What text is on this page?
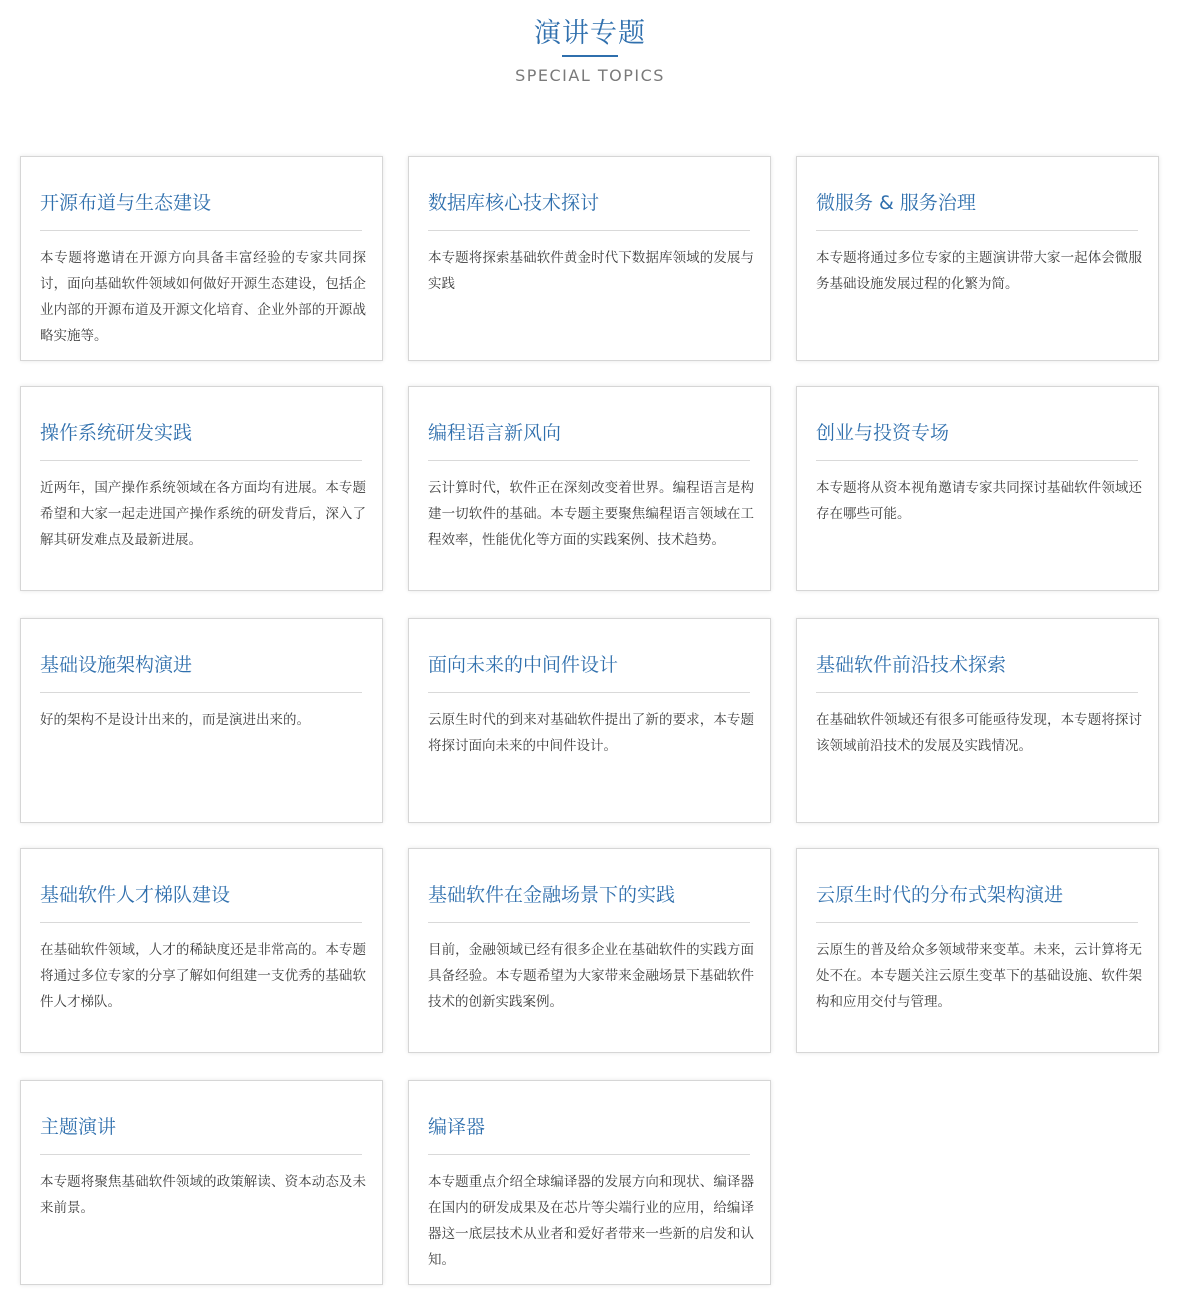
演讲专题
SPECIAL TOPICS
开源布道与生态建设
本专题将邀请在开源方向具备丰富经验的专家共同探讨，面向基础软件领域如何做好开源生态建设，包括企业内部的开源布道及开源文化培育、企业外部的开源战略实施等。
数据库核心技术探讨
本专题将探索基础软件黄金时代下数据库领域的发展与实践
微服务 & 服务治理
本专题将通过多位专家的主题演讲带大家一起体会微服务基础设施发展过程的化繁为简。
操作系统研发实践
近两年，国产操作系统领域在各方面均有进展。本专题希望和大家一起走进国产操作系统的研发背后，深入了解其研发难点及最新进展。
编程语言新风向
云计算时代，软件正在深刻改变着世界。编程语言是构建一切软件的基础。本专题主要聚焦编程语言领域在工程效率，性能优化等方面的实践案例、技术趋势。
创业与投资专场
本专题将从资本视角邀请专家共同探讨基础软件领域还存在哪些可能。
基础设施架构演进
好的架构不是设计出来的，而是演进出来的。
面向未来的中间件设计
云原生时代的到来对基础软件提出了新的要求，本专题将探讨面向未来的中间件设计。
基础软件前沿技术探索
在基础软件领域还有很多可能亟待发现，本专题将探讨该领域前沿技术的发展及实践情况。
基础软件人才梯队建设
在基础软件领域，人才的稀缺度还是非常高的。本专题将通过多位专家的分享了解如何组建一支优秀的基础软件人才梯队。
基础软件在金融场景下的实践
目前，金融领域已经有很多企业在基础软件的实践方面具备经验。本专题希望为大家带来金融场景下基础软件技术的创新实践案例。
云原生时代的分布式架构演进
云原生的普及给众多领域带来变革。未来，云计算将无处不在。本专题关注云原生变革下的基础设施、软件架构和应用交付与管理。
主题演讲
本专题将聚焦基础软件领域的政策解读、资本动态及未来前景。
编译器
本专题重点介绍全球编译器的发展方向和现状、编译器在国内的研发成果及在芯片等尖端行业的应用，给编译器这一底层技术从业者和爱好者带来一些新的启发和认知。
